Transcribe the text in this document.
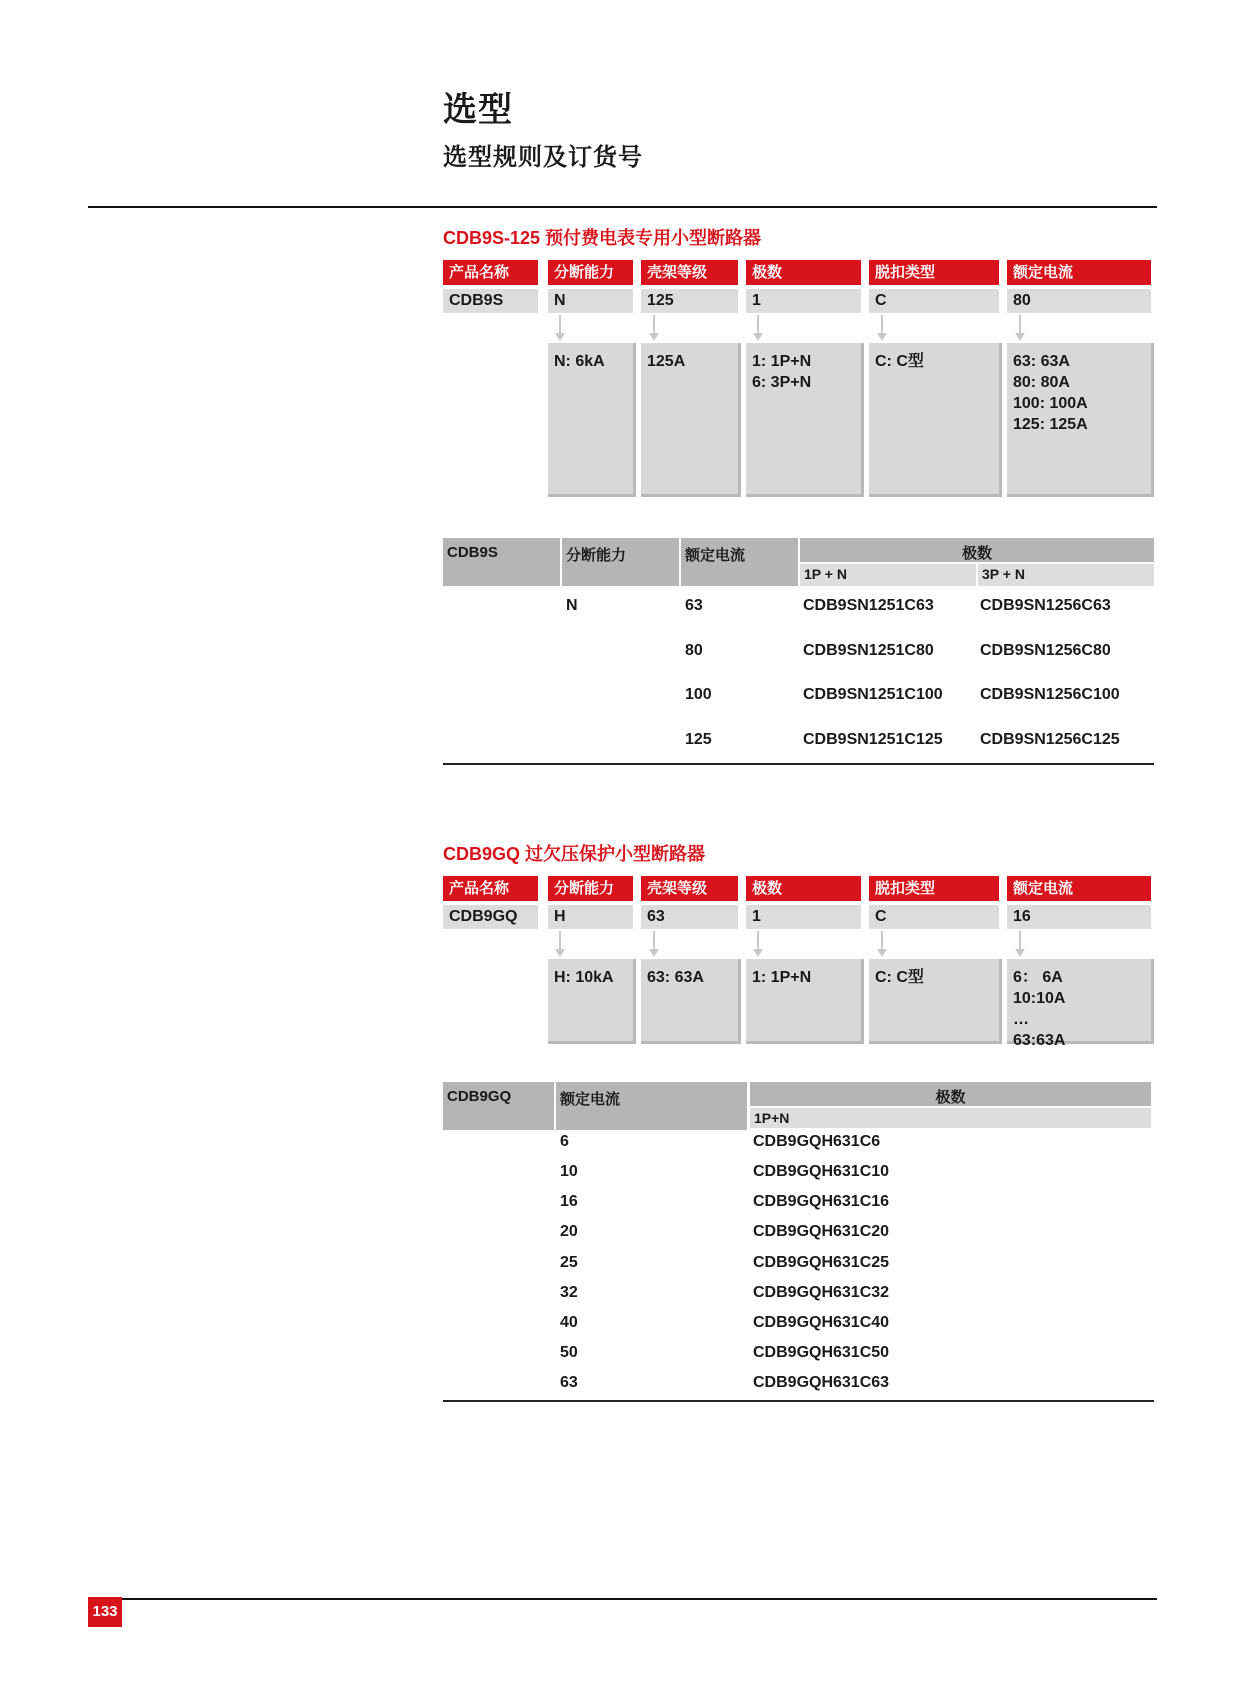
选型
选型规则及订货号
CDB9S-125 预付费电表专用小型断路器
产品名称	分断能力	壳架等级	极数	脱扣类型	额定电流
CDB9S	N	125	1	C	80
N: 6kA	125A	1: 1P+N
6: 3P+N
C: C型	63: 63A
80: 80A
100: 100A
125: 125A
CDB9S	分断能力	额定电流	极数
1P + N	3P + N
N	63	CDB9SN1251C63	CDB9SN1256C63
80	CDB9SN1251C80	CDB9SN1256C80
100	CDB9SN1251C100 CDB9SN1256C100
125	CDB9SN1251C125 CDB9SN1256C125
CDB9GQ 过欠压保护小型断路器
产品名称	分断能力	壳架等级	极数	脱扣类型	额定电流
CDB9GQ	H	63	1	C	16
H: 10kA	63: 63A	1: 1P+N	C: C型	6： 6A
10:10A
…
63:63A
CDB9GQ	额定电流	极数
1P+N
6	CDB9GQH631C6
10	CDB9GQH631C10
16	CDB9GQH631C16
20	CDB9GQH631C20
25	CDB9GQH631C25
32	CDB9GQH631C32
40	CDB9GQH631C40
50	CDB9GQH631C50
63	CDB9GQH631C63
133
